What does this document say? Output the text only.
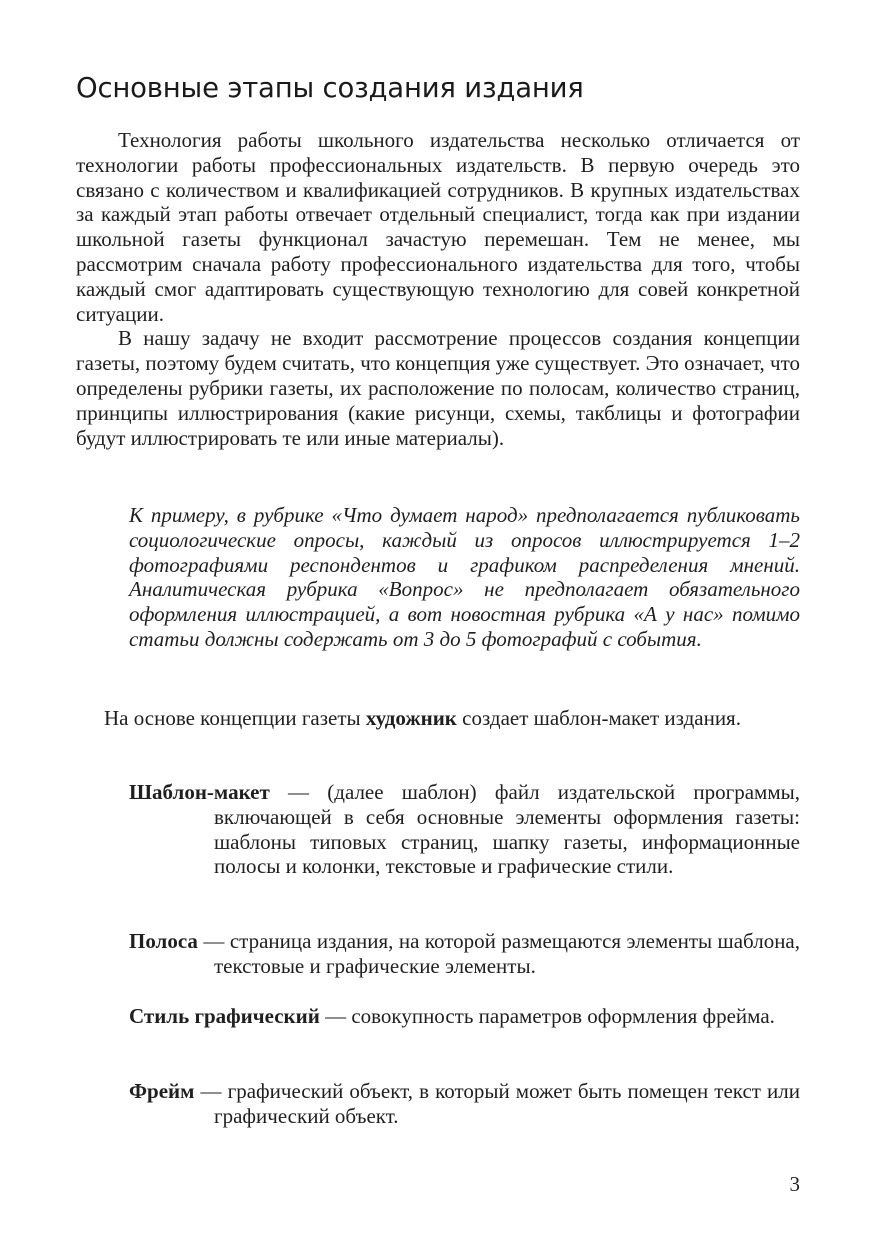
Основные этапы создания издания

Технология работы школьного издательства несколько отличается от технологии работы профессиональных издательств. В первую очередь это связано с количеством и квалификацией сотрудников. В крупных издательствах за каждый этап работы отвечает отдельный специалист, тогда как при издании школьной газеты функционал зачастую перемешан. Тем не менее, мы рассмотрим сначала работу профессионального издательства для того, чтобы каждый смог адаптировать существующую технологию для совей конкретной ситуации.

В нашу задачу не входит рассмотрение процессов создания концепции газеты, поэтому будем считать, что концепция уже существует. Это означает, что определены рубрики газеты, их расположение по полосам, количество страниц, принципы иллюстрирования (какие рисунци, схемы, такблицы и фотографии будут иллюстрировать те или иные материалы).

К примеру, в рубрике «Что думает народ» предполагается публиковать социологические опросы, каждый из опросов иллюстрируется 1–2 фотографиями респондентов и графиком распределения мнений. Аналитическая рубрика «Вопрос» не предполагает обязательного оформления иллюстрацией, а вот новостная рубрика «А у нас» помимо статьи должны содержать от 3 до 5 фотографий с события.

На основе концепции газеты художник создает шаблон-макет издания.

Шаблон-макет — (далее шаблон) файл издательской программы, включающей в себя основные элементы оформления газеты: шаблоны типовых страниц, шапку газеты, информационные полосы и колонки, текстовые и графические стили.

Полоса — страница издания, на которой размещаются элементы шаблона, текстовые и графические элементы.

Стиль графический — совокупность параметров оформления фрейма.

Фрейм — графический объект, в который может быть помещен текст или графический объект.

3
